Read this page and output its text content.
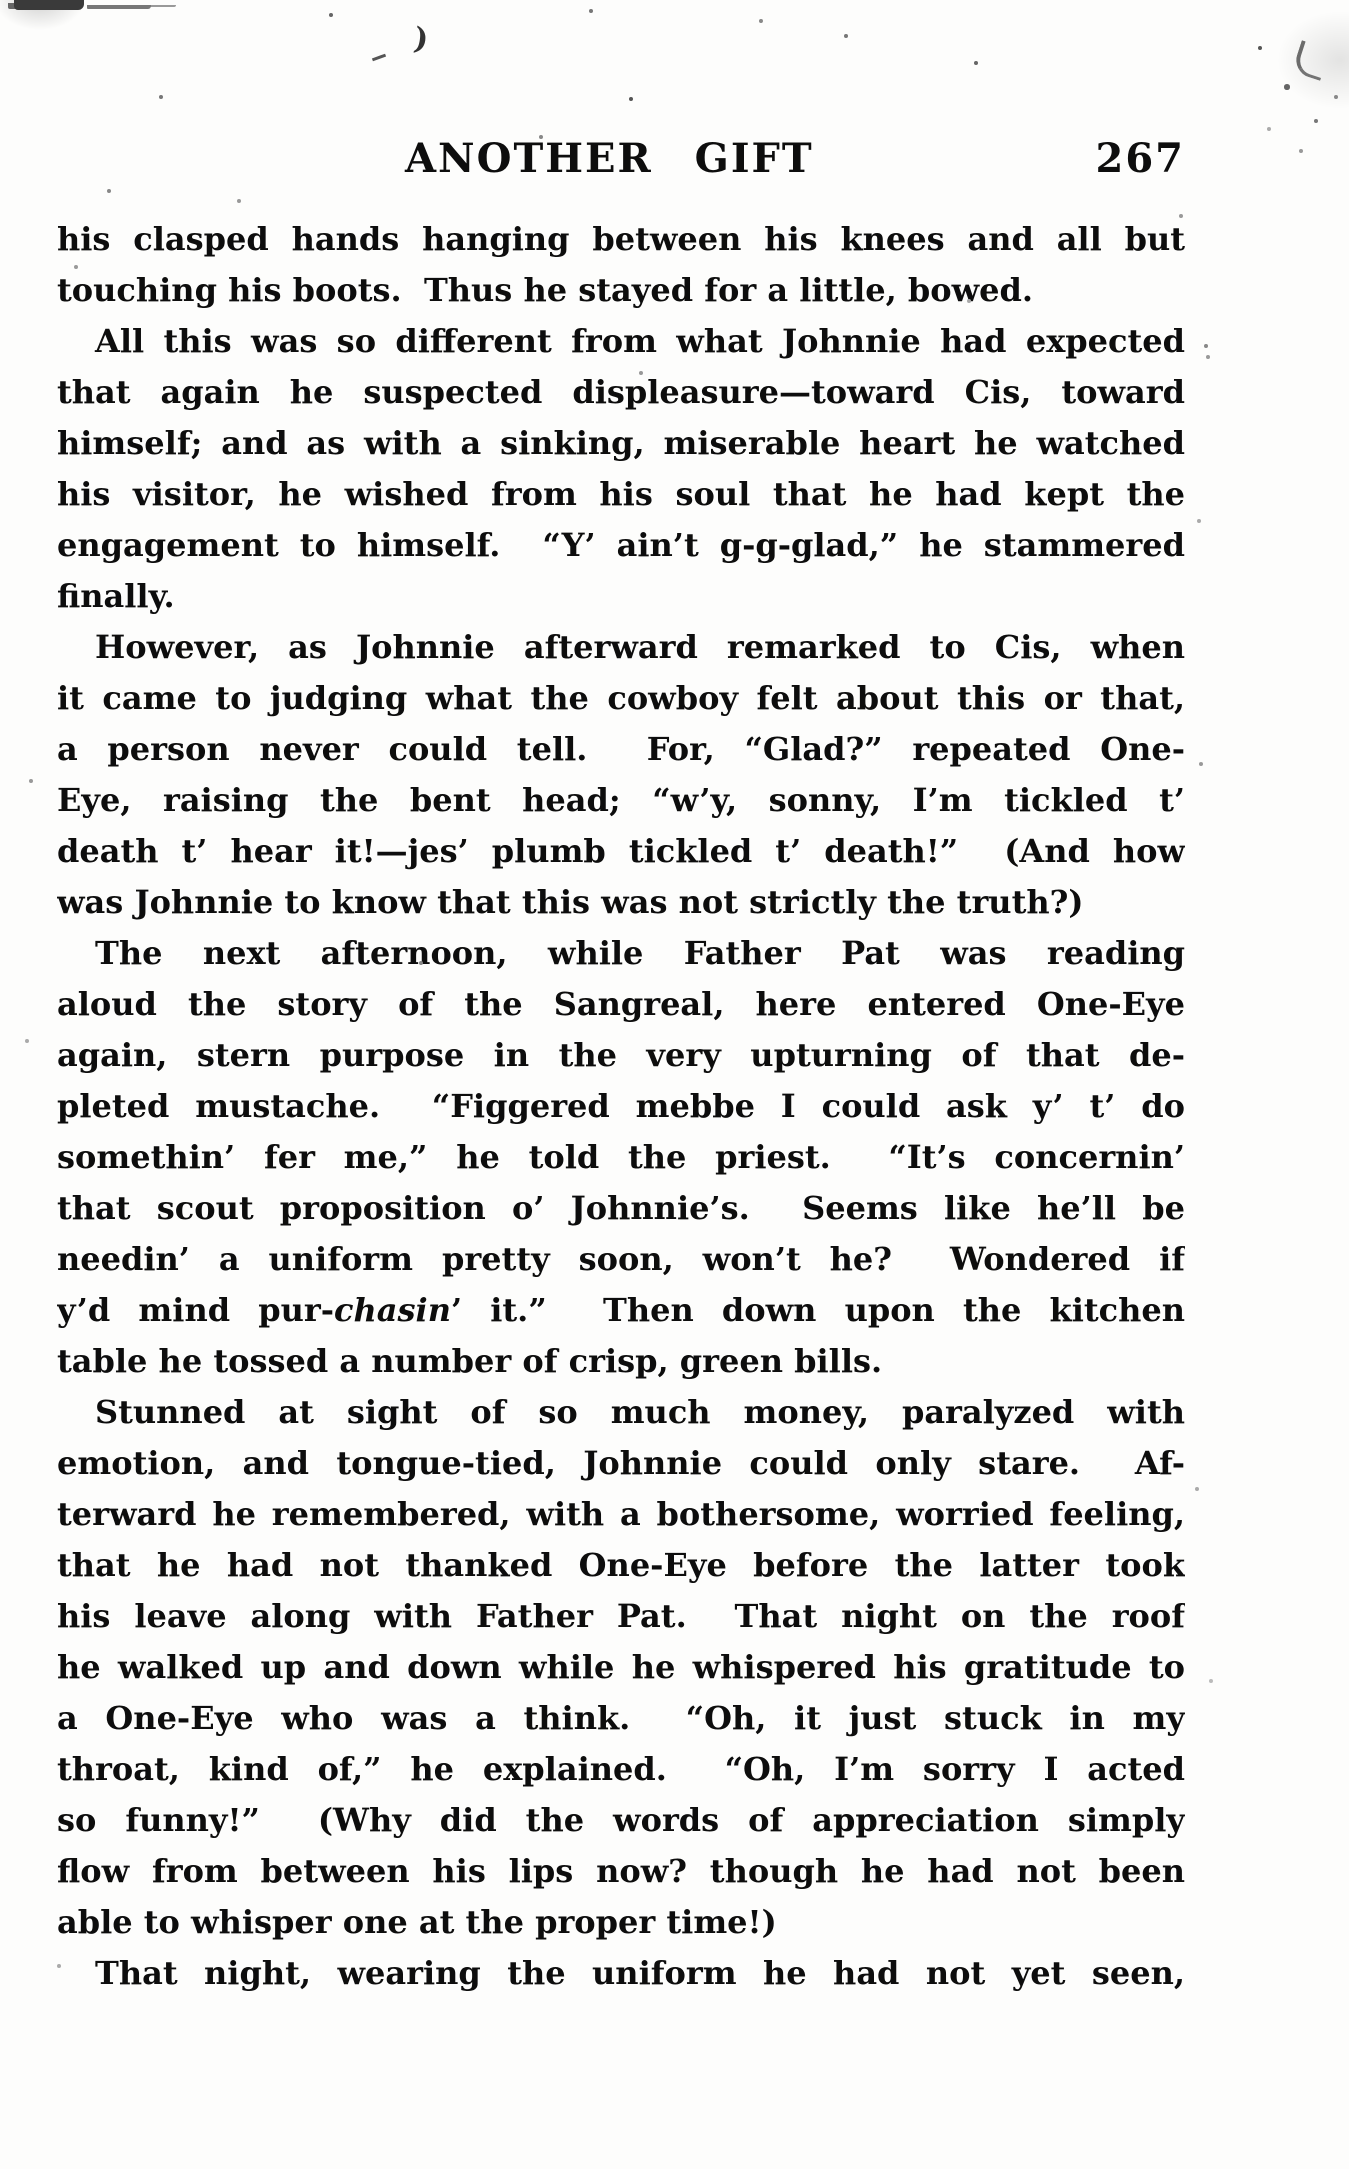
ANOTHER GIFT	267
his clasped hands hanging between his knees and all but
touching his boots.  Thus he stayed for a little, bowed.
All this was so different from what Johnnie had expected
that again he suspected displeasure—toward Cis, toward
himself; and as with a sinking, miserable heart he watched
his visitor, he wished from his soul that he had kept the
engagement to himself.  “Y’ ain’t g-g-glad,” he stammered
finally.
However, as Johnnie afterward remarked to Cis, when
it came to judging what the cowboy felt about this or that,
a person never could tell.  For, “Glad?” repeated One-
Eye, raising the bent head; “w’y, sonny, I’m tickled t’
death t’ hear it!—jes’ plumb tickled t’ death!”  (And how
was Johnnie to know that this was not strictly the truth?)
The next afternoon, while Father Pat was reading
aloud the story of the Sangreal, here entered One-Eye
again, stern purpose in the very upturning of that de-
pleted mustache.  “Figgered mebbe I could ask y’ t’ do
somethin’ fer me,” he told the priest.  “It’s concernin’
that scout proposition o’ Johnnie’s.  Seems like he’ll be
needin’ a uniform pretty soon, won’t he?  Wondered if
y’d mind pur-chasin’ it.”  Then down upon the kitchen
table he tossed a number of crisp, green bills.
Stunned at sight of so much money, paralyzed with
emotion, and tongue-tied, Johnnie could only stare.  Af-
terward he remembered, with a bothersome, worried feeling,
that he had not thanked One-Eye before the latter took
his leave along with Father Pat.  That night on the roof
he walked up and down while he whispered his gratitude to
a One-Eye who was a think.  “Oh, it just stuck in my
throat, kind of,” he explained.  “Oh, I’m sorry I acted
so funny!”  (Why did the words of appreciation simply
flow from between his lips now? though he had not been
able to whisper one at the proper time!)
That night, wearing the uniform he had not yet seen,
)
